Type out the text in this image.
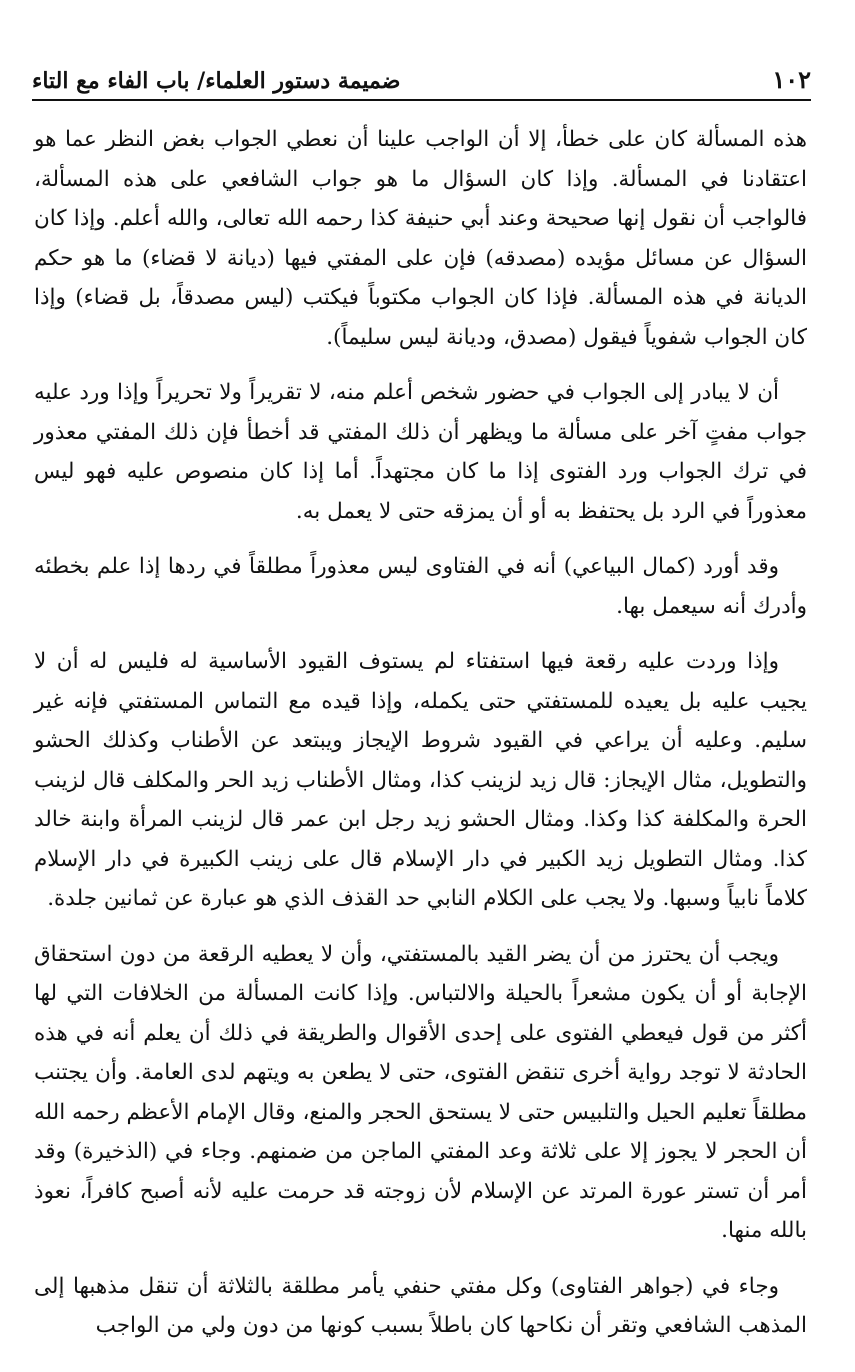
١٠٢
ضميمة دستور العلماء/ باب الفاء مع التاء

هذه المسألة كان على خطأ، إلا أن الواجب علينا أن نعطي الجواب بغض النظر عما هو اعتقادنا في المسألة. وإذا كان السؤال ما هو جواب الشافعي على هذه المسألة، فالواجب أن نقول إنها صحيحة وعند أبي حنيفة كذا رحمه الله تعالى، والله أعلم. وإذا كان السؤال عن مسائل مؤيده (مصدقه) فإن على المفتي فيها (ديانة لا قضاء) ما هو حكم الديانة في هذه المسألة. فإذا كان الجواب مكتوباً فيكتب (ليس مصدقاً، بل قضاء) وإذا كان الجواب شفوياً فيقول (مصدق، وديانة ليس سليماً).

أن لا يبادر إلى الجواب في حضور شخص أعلم منه، لا تقريراً ولا تحريراً وإذا ورد عليه جواب مفتٍ آخر على مسألة ما ويظهر أن ذلك المفتي قد أخطأ فإن ذلك المفتي معذور في ترك الجواب ورد الفتوى إذا ما كان مجتهداً. أما إذا كان منصوص عليه فهو ليس معذوراً في الرد بل يحتفظ به أو أن يمزقه حتى لا يعمل به.

وقد أورد (كمال البياعي) أنه في الفتاوى ليس معذوراً مطلقاً في ردها إذا علم بخطئه وأدرك أنه سيعمل بها.

وإذا وردت عليه رقعة فيها استفتاء لم يستوف القيود الأساسية له فليس له أن لا يجيب عليه بل يعيده للمستفتي حتى يكمله، وإذا قيده مع التماس المستفتي فإنه غير سليم. وعليه أن يراعي في القيود شروط الإيجاز ويبتعد عن الأطناب وكذلك الحشو والتطويل، مثال الإيجاز: قال زيد لزينب كذا، ومثال الأطناب زيد الحر والمكلف قال لزينب الحرة والمكلفة كذا وكذا. ومثال الحشو زيد رجل ابن عمر قال لزينب المرأة وابنة خالد كذا. ومثال التطويل زيد الكبير في دار الإسلام قال على زينب الكبيرة في دار الإسلام كلاماً نابياً وسبها. ولا يجب على الكلام النابي حد القذف الذي هو عبارة عن ثمانين جلدة.

ويجب أن يحترز من أن يضر القيد بالمستفتي، وأن لا يعطيه الرقعة من دون استحقاق الإجابة أو أن يكون مشعراً بالحيلة والالتباس. وإذا كانت المسألة من الخلافات التي لها أكثر من قول فيعطي الفتوى على إحدى الأقوال والطريقة في ذلك أن يعلم أنه في هذه الحادثة لا توجد رواية أخرى تنقض الفتوى، حتى لا يطعن به ويتهم لدى العامة. وأن يجتنب مطلقاً تعليم الحيل والتلبيس حتى لا يستحق الحجر والمنع، وقال الإمام الأعظم رحمه الله أن الحجر لا يجوز إلا على ثلاثة وعد المفتي الماجن من ضمنهم. وجاء في (الذخيرة) وقد أمر أن تستر عورة المرتد عن الإسلام لأن زوجته قد حرمت عليه لأنه أصبح كافراً، نعوذ بالله منها.

وجاء في (جواهر الفتاوى) وكل مفتي حنفي يأمر مطلقة بالثلاثة أن تنقل مذهبها إلى المذهب الشافعي وتقر أن نكاحها كان باطلاً بسبب كونها من دون ولي من الواجب
